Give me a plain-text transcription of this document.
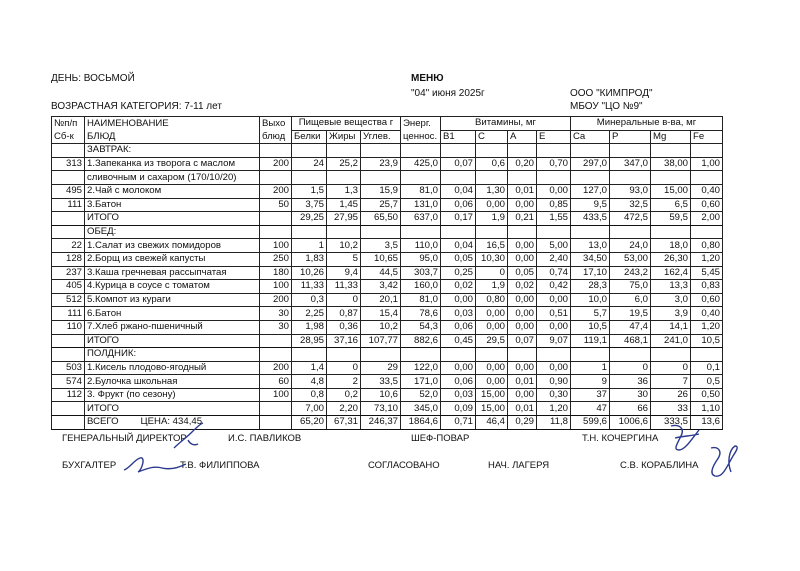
ДЕНЬ: ВОСЬМОЙ	МЕНЮ
"04" июня 2025г	ООО "КИМПРОД"
МБОУ "ЦО №9"
ВОЗРАСТНАЯ КАТЕГОРИЯ: 7-11 лет
№п/п	НАИМЕНОВАНИЕ	Выхо	Пищевые вещества г			Энерг.	Витамины, мг				Минеральные в-ва, мг			
Сб-к	БЛЮД	блюд	Белки	Жиры	Углев.	ценнос.	B1	C	A	E	Ca	P	Mg	Fe
	ЗАВТРАК:													
313	1.Запеканка из творога с маслом	200	24	25,2	23,9	425,0	0,07	0,6	0,20	0,70	297,0	347,0	38,00	1,00
	сливочным и сахаром (170/10/20)													
495	2.Чай с молоком	200	1,5	1,3	15,9	81,0	0,04	1,30	0,01	0,00	127,0	93,0	15,00	0,40
111	3.Батон	50	3,75	1,45	25,7	131,0	0,06	0,00	0,00	0,85	9,5	32,5	6,5	0,60
	ИТОГО		29,25	27,95	65,50	637,0	0,17	1,9	0,21	1,55	433,5	472,5	59,5	2,00
	ОБЕД:													
22	1.Салат из свежих помидоров	100	1	10,2	3,5	110,0	0,04	16,5	0,00	5,00	13,0	24,0	18,0	0,80
128	2.Борщ из свежей капусты	250	1,83	5	10,65	95,0	0,05	10,30	0,00	2,40	34,50	53,00	26,30	1,20
237	3.Каша гречневая рассыпчатая	180	10,26	9,4	44,5	303,7	0,25	0	0,05	0,74	17,10	243,2	162,4	5,45
405	4.Курица в соусе с томатом	100	11,33	11,33	3,42	160,0	0,02	1,9	0,02	0,42	28,3	75,0	13,3	0,83
512	5.Компот из кураги	200	0,3	0	20,1	81,0	0,00	0,80	0,00	0,00	10,0	6,0	3,0	0,60
111	6.Батон	30	2,25	0,87	15,4	78,6	0,03	0,00	0,00	0,51	5,7	19,5	3,9	0,40
110	7.Хлеб ржано-пшеничный	30	1,98	0,36	10,2	54,3	0,06	0,00	0,00	0,00	10,5	47,4	14,1	1,20
	ИТОГО		28,95	37,16	107,77	882,6	0,45	29,5	0,07	9,07	119,1	468,1	241,0	10,5
	ПОЛДНИК:													
503	1.Кисель плодово-ягодный	200	1,4	0	29	122,0	0,00	0,00	0,00	0,00	1	0	0	0,1
574	2.Булочка школьная	60	4,8	2	33,5	171,0	0,06	0,00	0,01	0,90	9	36	7	0,5
112	3. Фрукт (по сезону)	100	0,8	0,2	10,6	52,0	0,03	15,00	0,00	0,30	37	30	26	0,50
	ИТОГО		7,00	2,20	73,10	345,0	0,09	15,00	0,01	1,20	47	66	33	1,10
	ВСЕГО ЦЕНА: 434,45		65,20	67,31	246,37	1864,6	0,71	46,4	0,29	11,8	599,6	1006,6	333,5	13,6
ГЕНЕРАЛЬНЫЙ ДИРЕКТОР	И.С. ПАВЛИКОВ	ШЕФ-ПОВАР	Т.Н. КОЧЕРГИНА
БУХГАЛТЕР	Т.В. ФИЛИППОВА	СОГЛАСОВАНО	НАЧ. ЛАГЕРЯ	С.В. КОРАБЛИНА
